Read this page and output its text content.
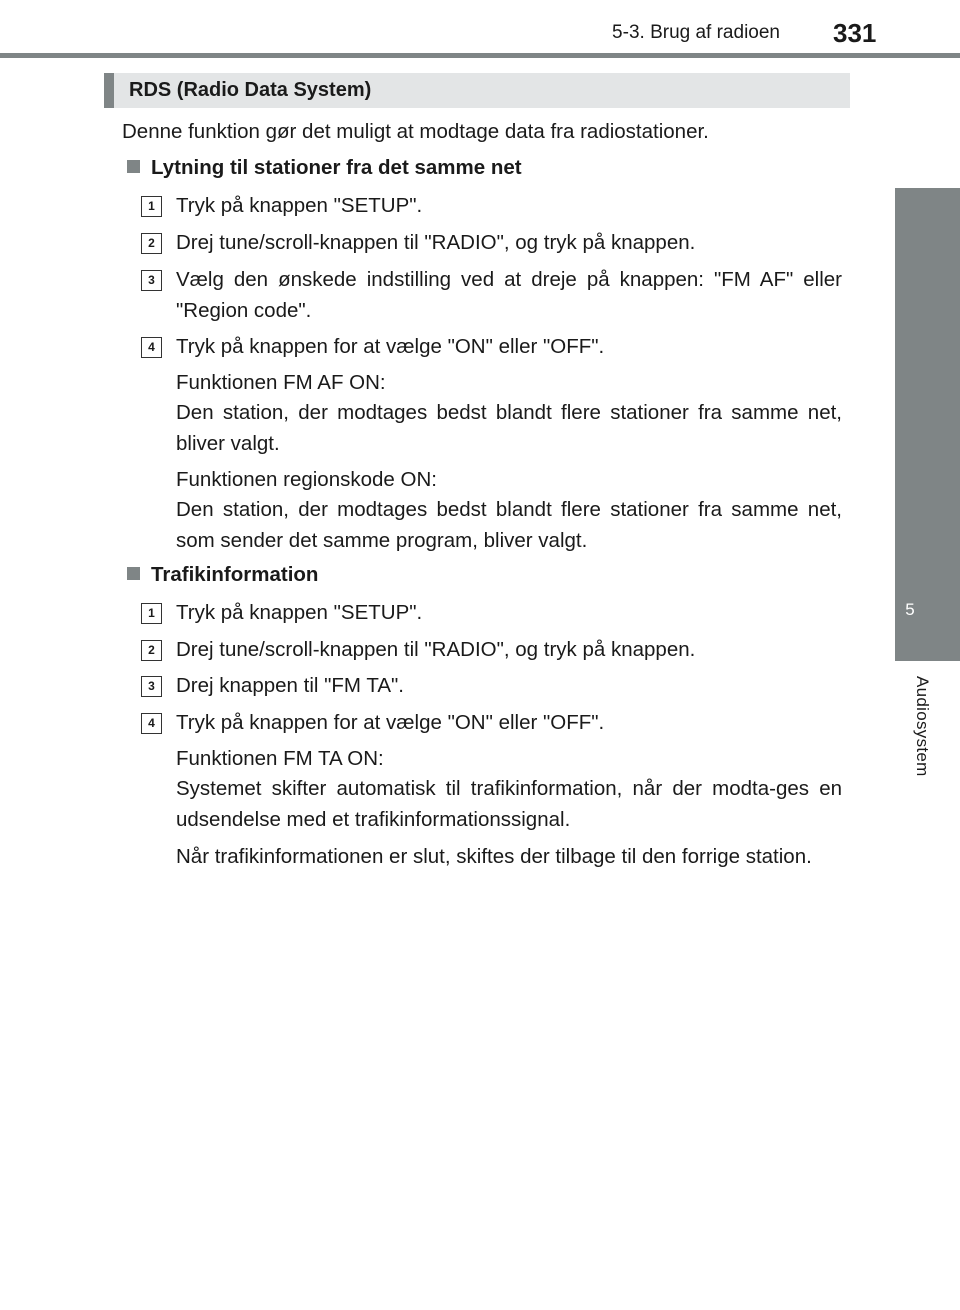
5-3. Brug af radioen 331
5
Audiosystem
RDS (Radio Data System)
Denne funktion gør det muligt at modtage data fra radiostationer.
Lytning til stationer fra det samme net
1	Tryk på knappen "SETUP".
2	Drej tune/scroll-knappen til "RADIO", og tryk på knappen.
3	Vælg den ønskede indstilling ved at dreje på knappen: "FM AF" eller "Region code".
4	Tryk på knappen for at vælge "ON" eller "OFF".
Funktionen FM AF ON:
Den station, der modtages bedst blandt flere stationer fra samme net, bliver valgt.
Funktionen regionskode ON:
Den station, der modtages bedst blandt flere stationer fra samme net, som sender det samme program, bliver valgt.
Trafikinformation
1	Tryk på knappen "SETUP".
2	Drej tune/scroll-knappen til "RADIO", og tryk på knappen.
3	Drej knappen til "FM TA".
4	Tryk på knappen for at vælge "ON" eller "OFF".
Funktionen FM TA ON:
Systemet skifter automatisk til trafikinformation, når der modta-ges en udsendelse med et trafikinformationssignal.
Når trafikinformationen er slut, skiftes der tilbage til den forrige station.
